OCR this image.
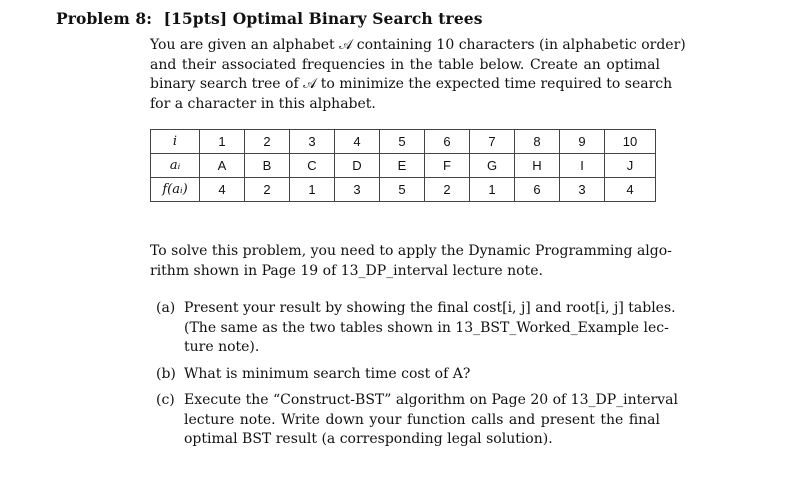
Problem 8: [15pts] Optimal Binary Search trees
You are given an alphabet 𝒜 containing 10 characters (in alphabetic order)
and their associated frequencies in the table below. Create an optimal
binary search tree of 𝒜 to minimize the expected time required to search
for a character in this alphabet.
i	1	2	3	4	5	6	7	8	9	10
aᵢ	A	B	C	D	E	F	G	H	I	J
f(aᵢ)	4	2	1	3	5	2	1	6	3	4
To solve this problem, you need to apply the Dynamic Programming algo-
rithm shown in Page 19 of 13_DP_interval lecture note.
(a) Present your result by showing the final cost[i, j] and root[i, j] tables.
(The same as the two tables shown in 13_BST_Worked_Example lec-
ture note).
(b) What is minimum search time cost of A?
(c) Execute the “Construct-BST” algorithm on Page 20 of 13_DP_interval
lecture note. Write down your function calls and present the final
optimal BST result (a corresponding legal solution).
